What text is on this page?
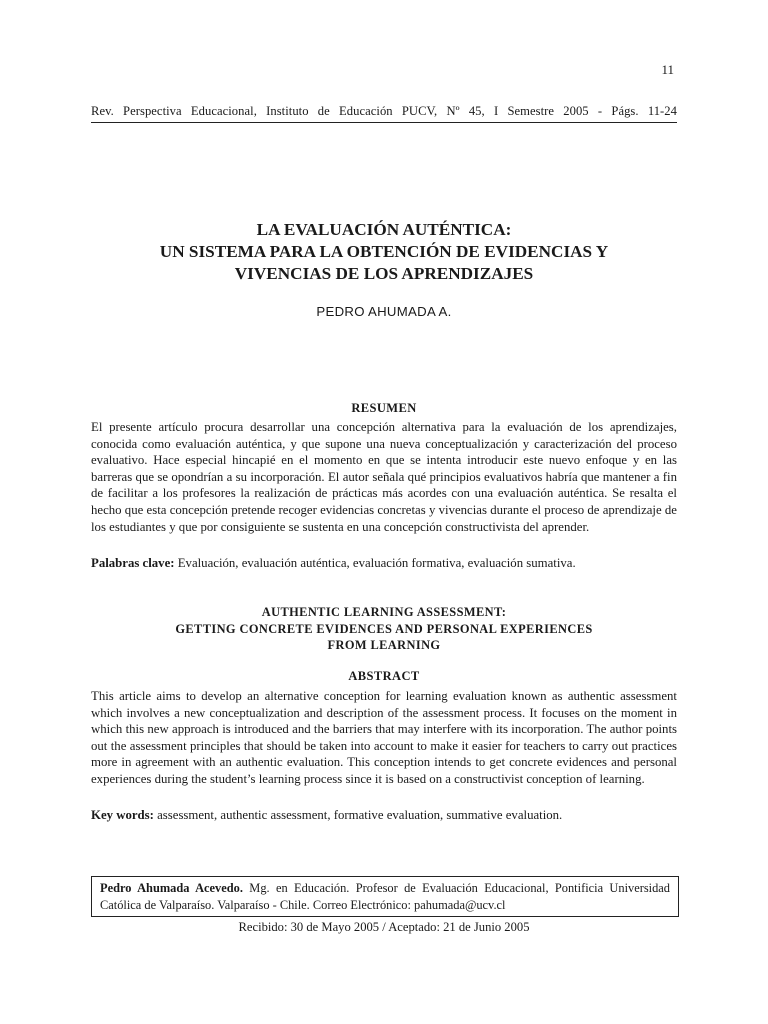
11
Rev. Perspectiva Educacional, Instituto de Educación PUCV, Nº 45, I Semestre 2005 - Págs. 11-24
LA EVALUACIÓN AUTÉNTICA:
UN SISTEMA PARA LA OBTENCIÓN DE EVIDENCIAS Y
VIVENCIAS DE LOS APRENDIZAJES
PEDRO AHUMADA A.
RESUMEN
El presente artículo procura desarrollar una concepción alternativa para la evaluación de los aprendizajes, conocida como evaluación auténtica, y que supone una nueva conceptualización y caracterización del proceso evaluativo. Hace especial hincapié en el momento en que se intenta introducir este nuevo enfoque y en las barreras que se opondrían a su incorporación. El autor señala qué principios evaluativos habría que mantener a fin de facilitar a los profesores la realización de prácticas más acordes con una evaluación auténtica. Se resalta el hecho que esta concepción pretende recoger evidencias concretas y vivencias durante el proceso de aprendizaje de los estudiantes y que por consiguiente se sustenta en una concepción constructivista del aprender.
Palabras clave: Evaluación, evaluación auténtica, evaluación formativa, evaluación sumativa.
AUTHENTIC LEARNING ASSESSMENT:
GETTING CONCRETE EVIDENCES AND PERSONAL EXPERIENCES
FROM LEARNING
ABSTRACT
This article aims to develop an alternative conception for learning evaluation known as authentic assessment which involves a new conceptualization and description of the assessment process. It focuses on the moment in which this new approach is introduced and the barriers that may interfere with its incorporation. The author points out the assessment principles that should be taken into account to make it easier for teachers to carry out practices more in agreement with an authentic evaluation. This conception intends to get concrete evidences and personal experiences during the student’s learning process since it is based on a constructivist conception of learning.
Key words: assessment, authentic assessment, formative evaluation, summative evaluation.
Pedro Ahumada Acevedo. Mg. en Educación. Profesor de Evaluación Educacional, Pontificia Universidad Católica de Valparaíso. Valparaíso - Chile. Correo Electrónico: pahumada@ucv.cl
Recibido: 30 de Mayo 2005 / Aceptado: 21 de Junio 2005
